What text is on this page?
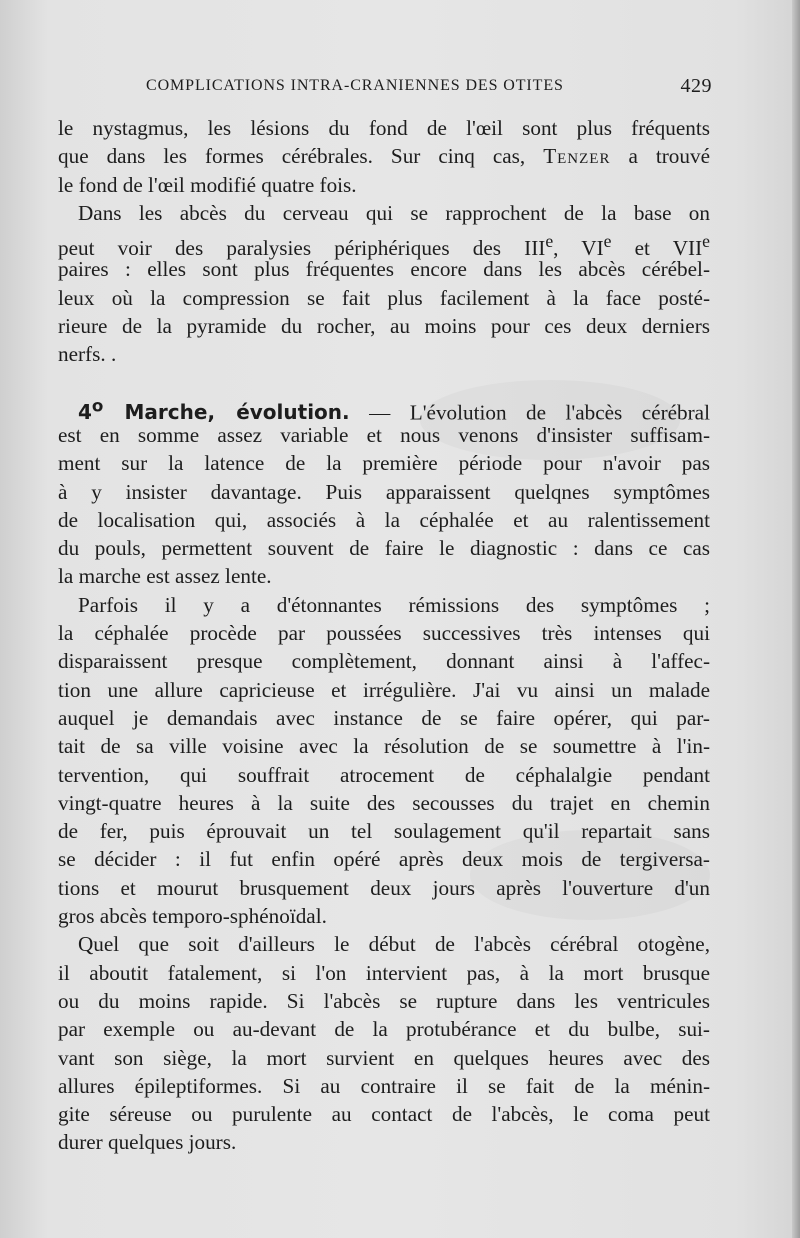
COMPLICATIONS INTRA-CRANIENNES DES OTITES	429
le nystagmus, les lésions du fond de l'œil sont plus fréquents
que dans les formes cérébrales. Sur cinq cas, Tenzer a trouvé
le fond de l'œil modifié quatre fois.
Dans les abcès du cerveau qui se rapprochent de la base on
peut voir des paralysies périphériques des IIIe, VIe et VIIe
paires : elles sont plus fréquentes encore dans les abcès cérébel-
leux où la compression se fait plus facilement à la face posté-
rieure de la pyramide du rocher, au moins pour ces deux derniers
nerfs. .
4$^o$ Marche, évolution. — L'évolution de l'abcès cérébral
est en somme assez variable et nous venons d'insister suffisam-
ment sur la latence de la première période pour n'avoir pas
à y insister davantage. Puis apparaissent quelqnes symptômes
de localisation qui, associés à la céphalée et au ralentissement
du pouls, permettent souvent de faire le diagnostic : dans ce cas
la marche est assez lente.
Parfois il y a d'étonnantes rémissions des symptômes ;
la céphalée procède par poussées successives très intenses qui
disparaissent presque complètement, donnant ainsi à l'affec-
tion une allure capricieuse et irrégulière. J'ai vu ainsi un malade
auquel je demandais avec instance de se faire opérer, qui par-
tait de sa ville voisine avec la résolution de se soumettre à l'in-
tervention, qui souffrait atrocement de céphalalgie pendant
vingt-quatre heures à la suite des secousses du trajet en chemin
de fer, puis éprouvait un tel soulagement qu'il repartait sans
se décider : il fut enfin opéré après deux mois de tergiversa-
tions et mourut brusquement deux jours après l'ouverture d'un
gros abcès temporo-sphénoïdal.
Quel que soit d'ailleurs le début de l'abcès cérébral otogène,
il aboutit fatalement, si l'on intervient pas, à la mort brusque
ou du moins rapide. Si l'abcès se rupture dans les ventricules
par exemple ou au-devant de la protubérance et du bulbe, sui-
vant son siège, la mort survient en quelques heures avec des
allures épileptiformes. Si au contraire il se fait de la ménin-
gite séreuse ou purulente au contact de l'abcès, le coma peut
durer quelques jours.
